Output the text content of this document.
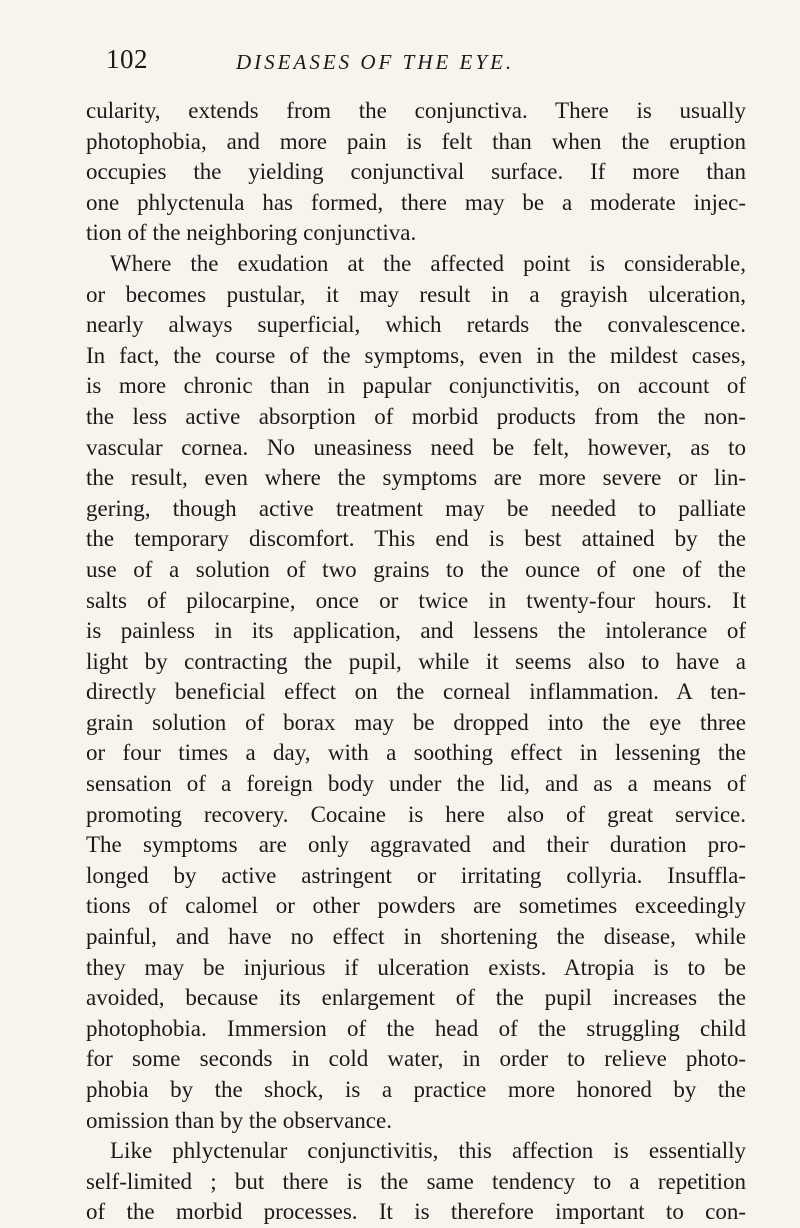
102	DISEASES OF THE EYE.
cularity, extends from the conjunctiva. There is usually
photophobia, and more pain is felt than when the eruption
occupies the yielding conjunctival surface. If more than
one phlyctenula has formed, there may be a moderate injec-
tion of the neighboring conjunctiva.
Where the exudation at the affected point is considerable,
or becomes pustular, it may result in a grayish ulceration,
nearly always superficial, which retards the convalescence.
In fact, the course of the symptoms, even in the mildest cases,
is more chronic than in papular conjunctivitis, on account of
the less active absorption of morbid products from the non-
vascular cornea. No uneasiness need be felt, however, as to
the result, even where the symptoms are more severe or lin-
gering, though active treatment may be needed to palliate
the temporary discomfort. This end is best attained by the
use of a solution of two grains to the ounce of one of the
salts of pilocarpine, once or twice in twenty-four hours. It
is painless in its application, and lessens the intolerance of
light by contracting the pupil, while it seems also to have a
directly beneficial effect on the corneal inflammation. A ten-
grain solution of borax may be dropped into the eye three
or four times a day, with a soothing effect in lessening the
sensation of a foreign body under the lid, and as a means of
promoting recovery. Cocaine is here also of great service.
The symptoms are only aggravated and their duration pro-
longed by active astringent or irritating collyria. Insuffla-
tions of calomel or other powders are sometimes exceedingly
painful, and have no effect in shortening the disease, while
they may be injurious if ulceration exists. Atropia is to be
avoided, because its enlargement of the pupil increases the
photophobia. Immersion of the head of the struggling child
for some seconds in cold water, in order to relieve photo-
phobia by the shock, is a practice more honored by the
omission than by the observance.
Like phlyctenular conjunctivitis, this affection is essentially
self-limited ; but there is the same tendency to a repetition
of the morbid processes. It is therefore important to con-
